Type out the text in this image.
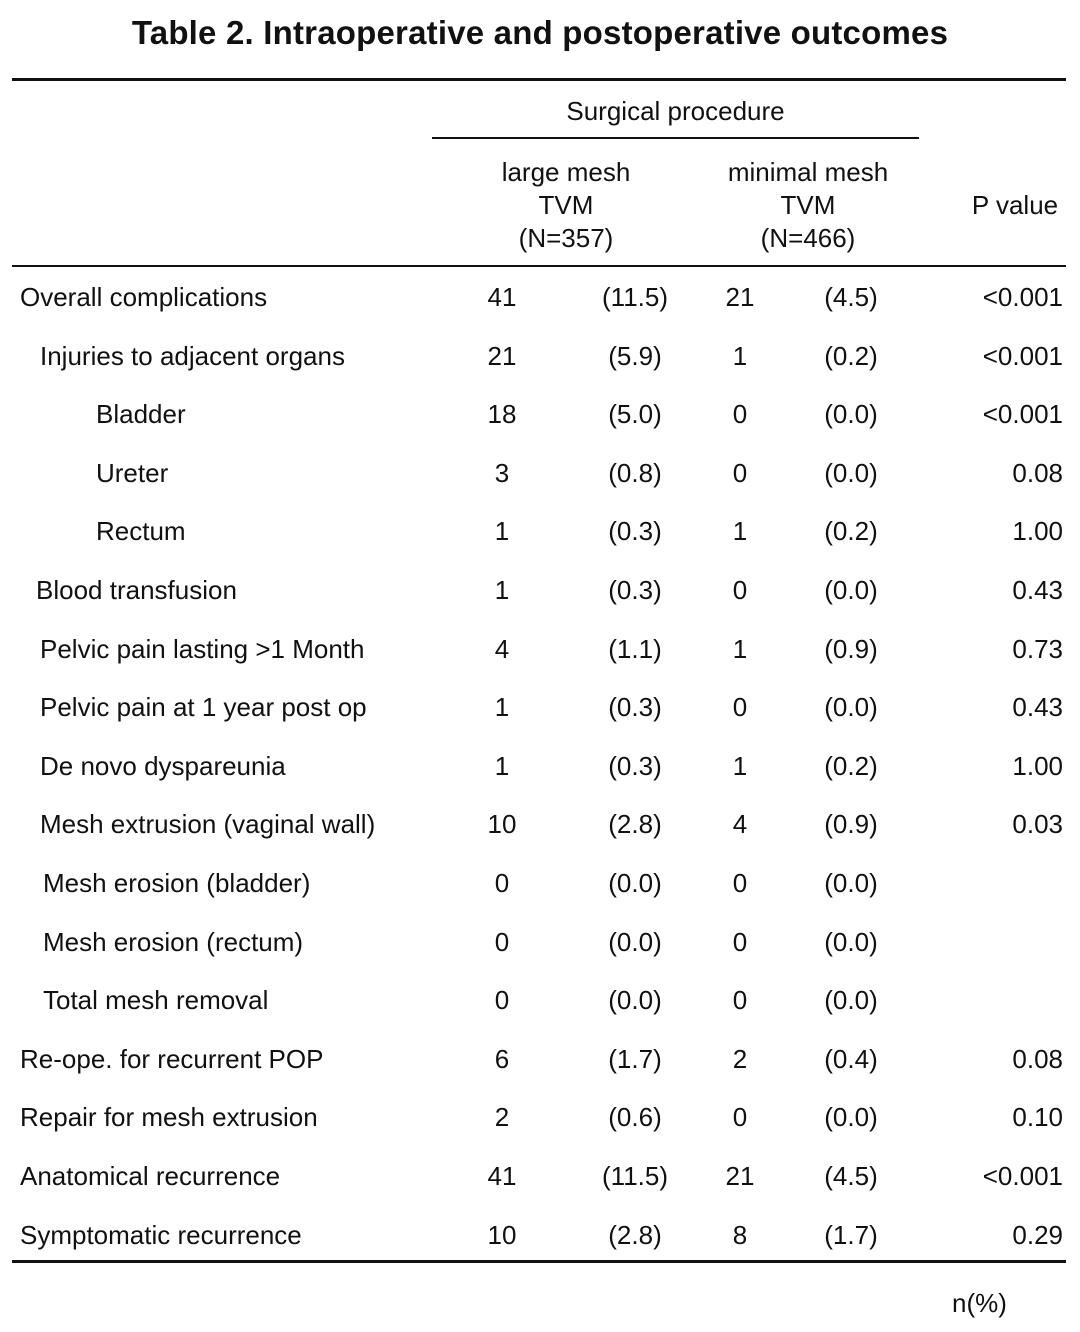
Table 2. Intraoperative and postoperative outcomes
Surgical procedure
large mesh
TVM
(N=357)
minimal mesh
TVM
(N=466)
P value
Overall complications	41	(11.5)	21	(4.5)	<0.001
Injuries to adjacent organs	21	(5.9)	1	(0.2)	<0.001
Bladder	18	(5.0)	0	(0.0)	<0.001
Ureter	3	(0.8)	0	(0.0)	0.08
Rectum	1	(0.3)	1	(0.2)	1.00
Blood transfusion	1	(0.3)	0	(0.0)	0.43
Pelvic pain lasting >1 Month	4	(1.1)	1	(0.9)	0.73
Pelvic pain at 1 year post op	1	(0.3)	0	(0.0)	0.43
De novo dyspareunia	1	(0.3)	1	(0.2)	1.00
Mesh extrusion (vaginal wall)	10	(2.8)	4	(0.9)	0.03
Mesh erosion (bladder)	0	(0.0)	0	(0.0)
Mesh erosion (rectum)	0	(0.0)	0	(0.0)
Total mesh removal	0	(0.0)	0	(0.0)
Re-ope. for recurrent POP	6	(1.7)	2	(0.4)	0.08
Repair for mesh extrusion	2	(0.6)	0	(0.0)	0.10
Anatomical recurrence	41	(11.5)	21	(4.5)	<0.001
Symptomatic recurrence	10	(2.8)	8	(1.7)	0.29
n(%)
